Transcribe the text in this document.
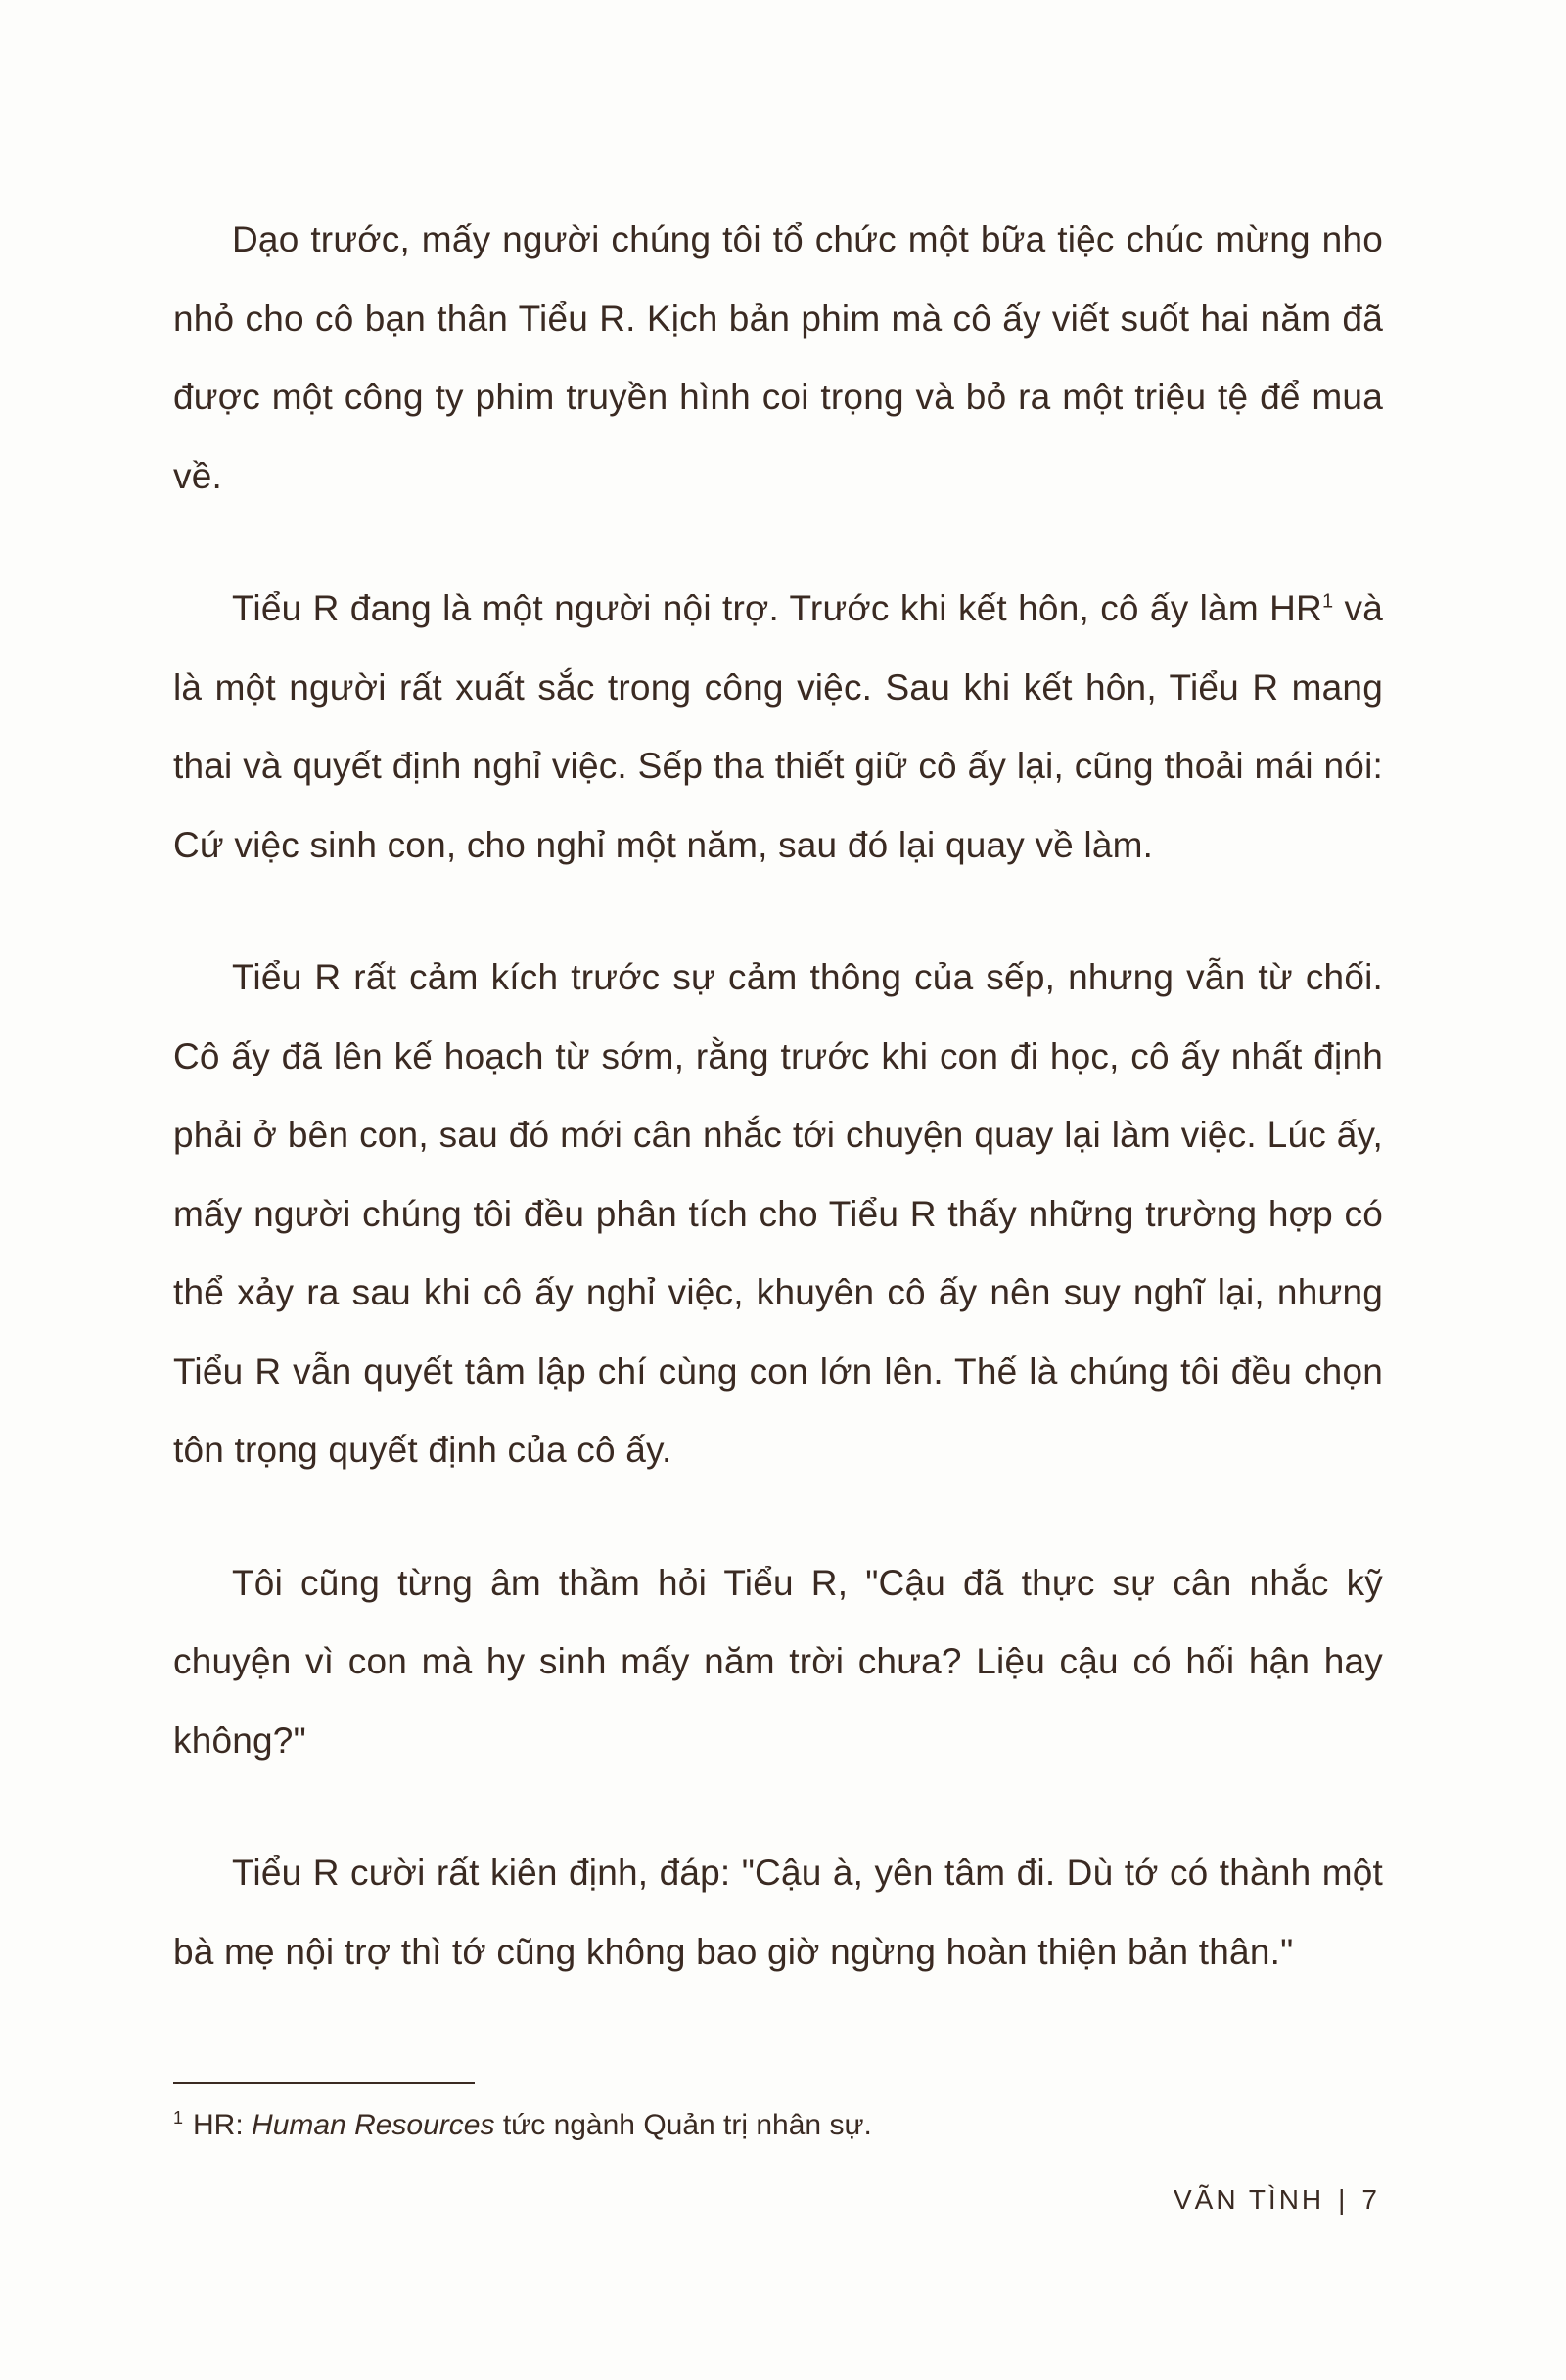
Dạo trước, mấy người chúng tôi tổ chức một bữa tiệc chúc mừng nho nhỏ cho cô bạn thân Tiểu R. Kịch bản phim mà cô ấy viết suốt hai năm đã được một công ty phim truyền hình coi trọng và bỏ ra một triệu tệ để mua về.

Tiểu R đang là một người nội trợ. Trước khi kết hôn, cô ấy làm $HR^1$ và là một người rất xuất sắc trong công việc. Sau khi kết hôn, Tiểu R mang thai và quyết định nghỉ việc. Sếp tha thiết giữ cô ấy lại, cũng thoải mái nói: Cứ việc sinh con, cho nghỉ một năm, sau đó lại quay về làm.

Tiểu R rất cảm kích trước sự cảm thông của sếp, nhưng vẫn từ chối. Cô ấy đã lên kế hoạch từ sớm, rằng trước khi con đi học, cô ấy nhất định phải ở bên con, sau đó mới cân nhắc tới chuyện quay lại làm việc. Lúc ấy, mấy người chúng tôi đều phân tích cho Tiểu R thấy những trường hợp có thể xảy ra sau khi cô ấy nghỉ việc, khuyên cô ấy nên suy nghĩ lại, nhưng Tiểu R vẫn quyết tâm lập chí cùng con lớn lên. Thế là chúng tôi đều chọn tôn trọng quyết định của cô ấy.

Tôi cũng từng âm thầm hỏi Tiểu R, "Cậu đã thực sự cân nhắc kỹ chuyện vì con mà hy sinh mấy năm trời chưa? Liệu cậu có hối hận hay không?"

Tiểu R cười rất kiên định, đáp: "Cậu à, yên tâm đi. Dù tớ có thành một bà mẹ nội trợ thì tớ cũng không bao giờ ngừng hoàn thiện bản thân."

$^1$ HR: Human Resources tức ngành Quản trị nhân sự.
VÃN TÌNH | 7
